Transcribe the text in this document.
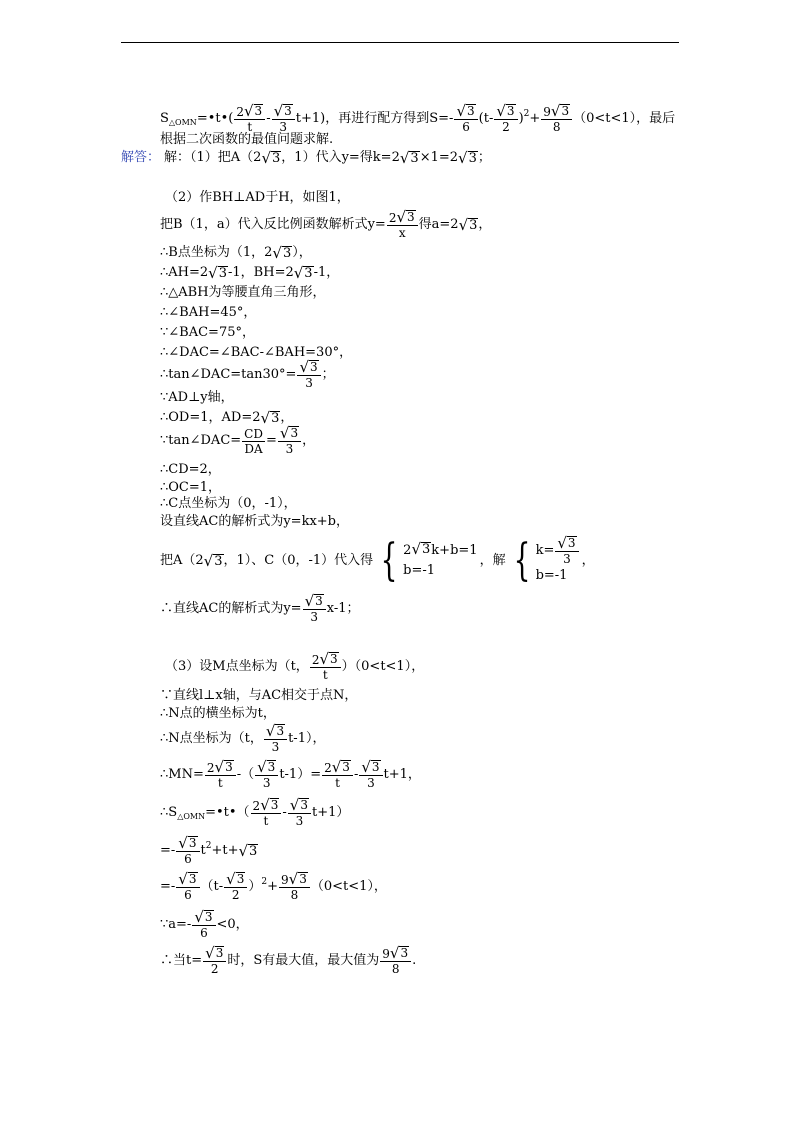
$S_{\triangle OMN}=•t•( \frac{2 √ 3}{t} - \frac{√ 3}{3} t+1)$，再进行配方得到$S=- \frac{√ 3}{6} (t- \frac{√ 3}{2} )^2+ \frac{9 √ 3}{8} (0<t<1)$，最后
根据二次函数的最值问题求解.
解答： 解：（1）把A（2 √ 3 ，1）代入y=得k=2 √ 3 ×1=2 √ 3 ；
（2）作BH⊥AD于H，如图1，
把B（1，a）代入反比例函数解析式$y= \frac{2 √ 3}{x}$ 得a=2 √ 3 ，
∴B点坐标为（1，2 √ 3 ），
∴AH=2 √ 3 -1，BH=2 √ 3 -1，
∴△ABH为等腰直角三角形，
∴∠BAH=45°，
∵∠BAC=75°，
∴∠DAC=∠BAC-∠BAH=30°，
∴tan∠DAC=tan30°= $\frac{√ 3}{3}$ ；
∵AD⊥y轴，
∴OD=1，AD=2 √ 3 ，
∵tan∠DAC= $\frac{CD}{DA} = \frac{√ 3}{3}$ ，
∴CD=2，
∴OC=1，
∴C点坐标为（0，-1），
设直线AC的解析式为y=kx+b，
把A（2 √ 3 ，1）、C（0，-1）代入得 { 2 √ 3 k+b=1
b=-1
，解 { $k= \frac{√ 3}{3}$
b=-1
，
∴直线AC的解析式为$y= \frac{√ 3}{3} x-1$；
（3）设M点坐标为（t， $\frac{2 √ 3}{t} )(0<t<1)$，
∵直线l⊥x轴，与AC相交于点N，
∴N点的横坐标为t，
∴N点坐标为（t， $\frac{√ 3}{3} t-1$），
∴MN= $\frac{2 √ 3}{t}$ -（ $\frac{√ 3}{3} t-1)= \frac{2 √ 3}{t} - \frac{√ 3}{3} t+1$，
$\therefore S_{\triangle OMN}=•t•( \frac{2 √ 3}{t} - \frac{√ 3}{3} t+1)$
=- $\frac{√ 3}{6} t^2+t+$ √ 3
=- $\frac{√ 3}{6} (t- \frac{√ 3}{2} )^2+ \frac{9 √ 3}{8} (0<t<1)$，
∵a=- $\frac{√ 3}{6} <0$，
∴当$t= \frac{√ 3}{2}$ 时，S有最大值，最大值为 $\frac{9 √ 3}{8}$ .
